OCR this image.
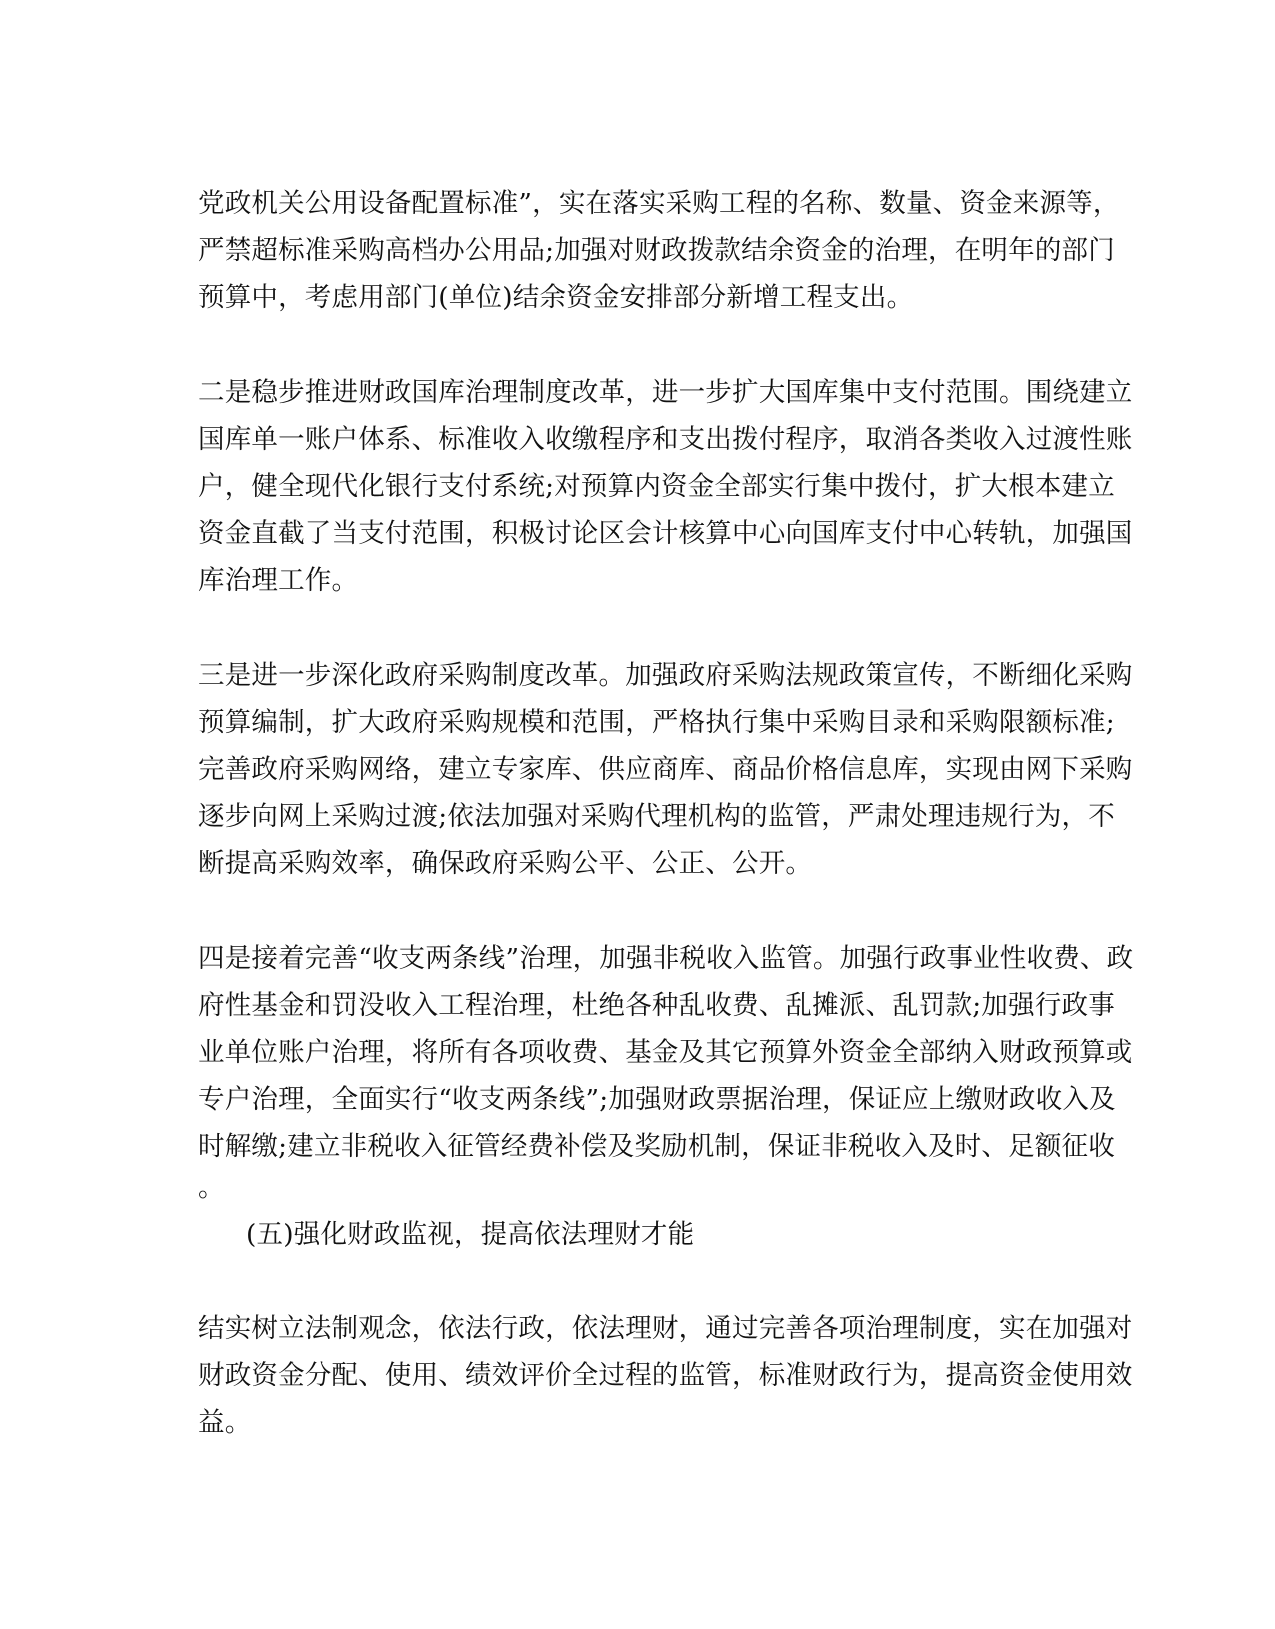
党政机关公用设备配置标准”，实在落实采购工程的名称、数量、资金来源等，

严禁超标准采购高档办公用品;加强对财政拨款结余资金的治理，在明年的部门

预算中，考虑用部门(单位)结余资金安排部分新增工程支出。

二是稳步推进财政国库治理制度改革，进一步扩大国库集中支付范围。围绕建立

国库单一账户体系、标准收入收缴程序和支出拨付程序，取消各类收入过渡性账

户，健全现代化银行支付系统;对预算内资金全部实行集中拨付，扩大根本建立

资金直截了当支付范围，积极讨论区会计核算中心向国库支付中心转轨，加强国

库治理工作。

三是进一步深化政府采购制度改革。加强政府采购法规政策宣传，不断细化采购

预算编制，扩大政府采购规模和范围，严格执行集中采购目录和采购限额标准;

完善政府采购网络，建立专家库、供应商库、商品价格信息库，实现由网下采购

逐步向网上采购过渡;依法加强对采购代理机构的监管，严肃处理违规行为，不

断提高采购效率，确保政府采购公平、公正、公开。

四是接着完善“收支两条线”治理，加强非税收入监管。加强行政事业性收费、政

府性基金和罚没收入工程治理，杜绝各种乱收费、乱摊派、乱罚款;加强行政事

业单位账户治理，将所有各项收费、基金及其它预算外资金全部纳入财政预算或

专户治理，全面实行“收支两条线”;加强财政票据治理，保证应上缴财政收入及

时解缴;建立非税收入征管经费补偿及奖励机制，保证非税收入及时、足额征收

。

(五)强化财政监视，提高依法理财才能

结实树立法制观念，依法行政，依法理财，通过完善各项治理制度，实在加强对

财政资金分配、使用、绩效评价全过程的监管，标准财政行为，提高资金使用效

益。
